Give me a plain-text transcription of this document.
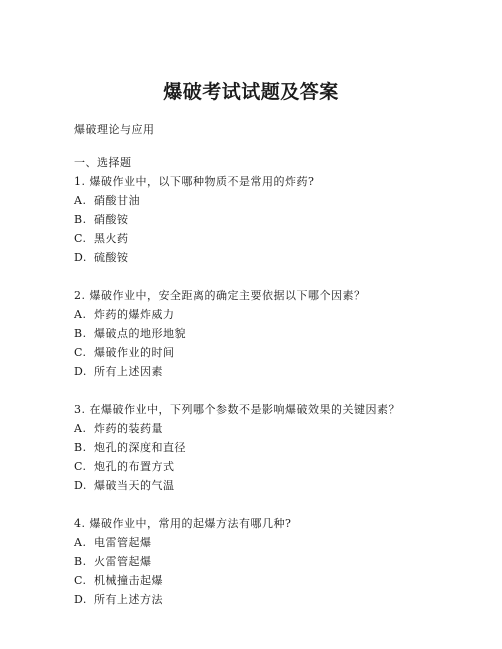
爆破考试试题及答案
爆破理论与应用
一、选择题
1. 爆破作业中，以下哪种物质不是常用的炸药?
A. 硝酸甘油
B. 硝酸铵
C. 黑火药
D. 硫酸铵
2. 爆破作业中，安全距离的确定主要依据以下哪个因素？
A. 炸药的爆炸威力
B. 爆破点的地形地貌
C. 爆破作业的时间
D. 所有上述因素
3. 在爆破作业中，下列哪个参数不是影响爆破效果的关键因素？
A. 炸药的装药量
B. 炮孔的深度和直径
C. 炮孔的布置方式
D. 爆破当天的气温
4. 爆破作业中，常用的起爆方法有哪几种?
A. 电雷管起爆
B. 火雷管起爆
C. 机械撞击起爆
D. 所有上述方法
